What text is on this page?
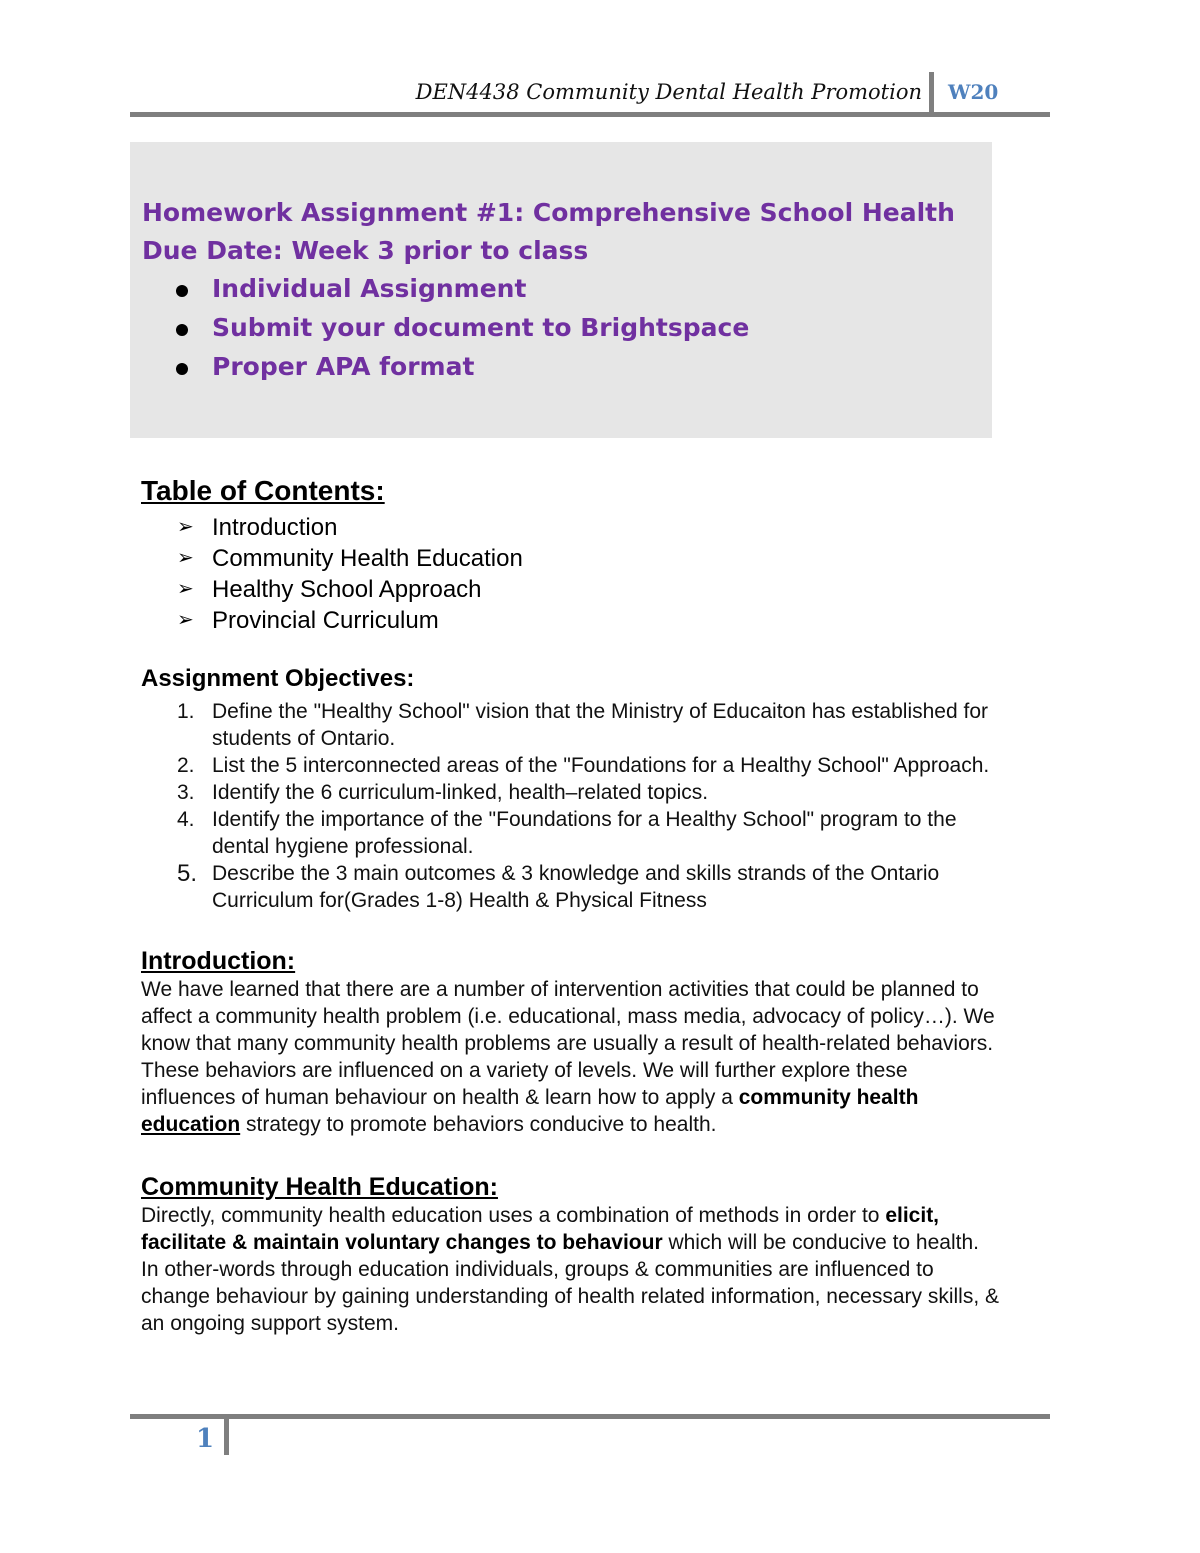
DEN4438 Community Dental Health Promotion W20
Homework Assignment #1: Comprehensive School Health
Due Date: Week 3 prior to class
Individual Assignment
Submit your document to Brightspace
Proper APA format
Table of Contents:
➢ Introduction
➢ Community Health Education
➢ Healthy School Approach
➢ Provincial Curriculum
Assignment Objectives:
1. Define the "Healthy School" vision that the Ministry of Educaiton has established for students of Ontario.
2. List the 5 interconnected areas of the "Foundations for a Healthy School" Approach.
3. Identify the 6 curriculum-linked, health–related topics.
4. Identify the importance of the "Foundations for a Healthy School" program to the dental hygiene professional.
5. Describe the 3 main outcomes & 3 knowledge and skills strands of the Ontario Curriculum for(Grades 1-8) Health & Physical Fitness
Introduction:

We have learned that there are a number of intervention activities that could be planned to affect a community health problem (i.e. educational, mass media, advocacy of policy…). We know that many community health problems are usually a result of health-related behaviors. These behaviors are influenced on a variety of levels. We will further explore these influences of human behaviour on health & learn how to apply a community health education strategy to promote behaviors conducive to health.

Community Health Education:

Directly, community health education uses a combination of methods in order to elicit, facilitate & maintain voluntary changes to behaviour which will be conducive to health. In other-words through education individuals, groups & communities are influenced to change behaviour by gaining understanding of health related information, necessary skills, & an ongoing support system.

1
